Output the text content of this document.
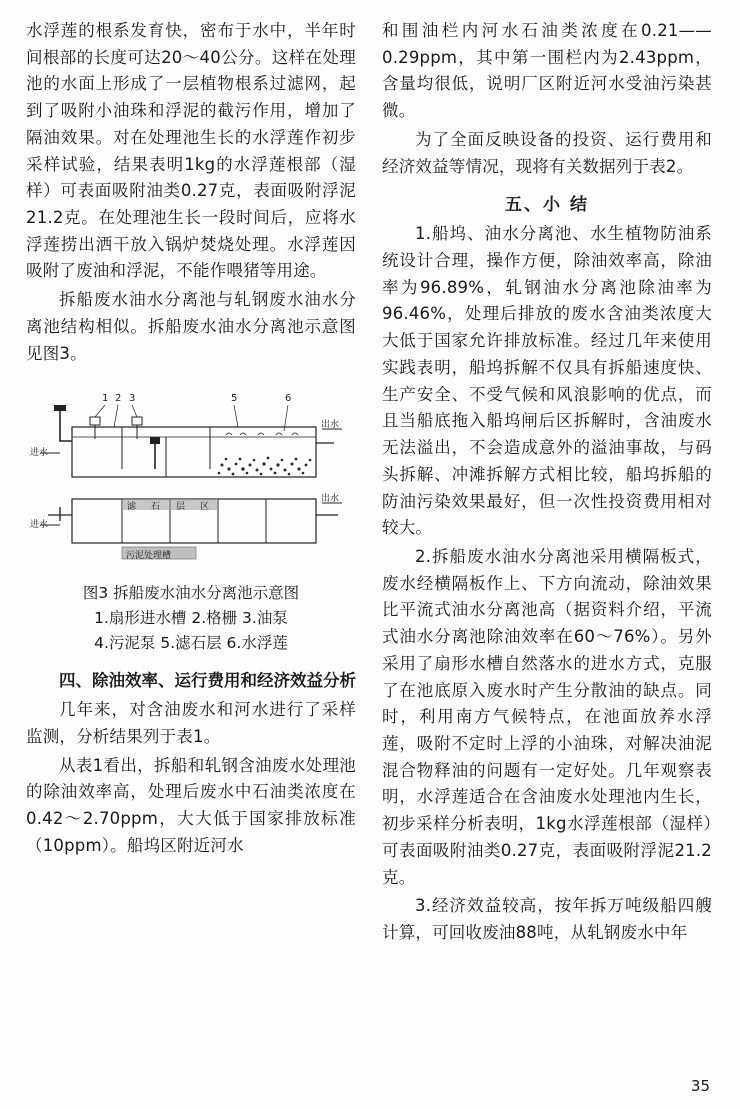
水浮莲的根系发育快，密布于水中，半年时间根部的长度可达20～40公分。这样在处理池的水面上形成了一层植物根系过滤网，起到了吸附小油珠和浮泥的截污作用，增加了隔油效果。对在处理池生长的水浮莲作初步采样试验，结果表明1kg的水浮莲根部（湿样）可表面吸附油类0.27克，表面吸附浮泥21.2克。在处理池生长一段时间后，应将水浮莲捞出洒干放入锅炉焚烧处理。水浮莲因吸附了废油和浮泥，不能作喂猪等用途。

拆船废水油水分离池与轧钢废水油水分离池结构相似。拆船废水油水分离池示意图见图3。

1 2 3	5	6
出水
进水
出水
进水
滤 石 层 区
污泥处理槽
图3 拆船废水油水分离池示意图
1.扇形进水槽 2.格栅 3.油泵
4.污泥泵 5.滤石层 6.水浮莲
四、除油效率、运行费用和经济效益分析

几年来，对含油废水和河水进行了采样监测，分析结果列于表1。

从表1看出，拆船和轧钢含油废水处理池的除油效率高，处理后废水中石油类浓度在0.42～2.70ppm，大大低于国家排放标准（10ppm）。船坞区附近河水

和围油栏内河水石油类浓度在0.21——0.29ppm，其中第一围栏内为2.43ppm，含量均很低，说明厂区附近河水受油污染甚微。

为了全面反映设备的投资、运行费用和经济效益等情况，现将有关数据列于表2。

五、小 结

1.船坞、油水分离池、水生植物防油系统设计合理，操作方便，除油效率高，除油率为96.89%，轧钢油水分离池除油率为96.46%，处理后排放的废水含油类浓度大大低于国家允许排放标准。经过几年来使用实践表明，船坞拆解不仅具有拆船速度快、生产安全、不受气候和风浪影响的优点，而且当船底拖入船坞闸后区拆解时，含油废水无法溢出，不会造成意外的溢油事故，与码头拆解、冲滩拆解方式相比较，船坞拆船的防油污染效果最好，但一次性投资费用相对较大。

2.拆船废水油水分离池采用横隔板式，废水经横隔板作上、下方向流动，除油效果比平流式油水分离池高（据资料介绍，平流式油水分离池除油效率在60～76%）。另外采用了扇形水槽自然落水的进水方式，克服了在池底原入废水时产生分散油的缺点。同时，利用南方气候特点，在池面放养水浮莲，吸附不定时上浮的小油珠，对解决油泥混合物释油的问题有一定好处。几年观察表明，水浮莲适合在含油废水处理池内生长，初步采样分析表明，1kg水浮莲根部（湿样）可表面吸附油类0.27克，表面吸附浮泥21.2克。

3.经济效益较高，按年拆万吨级船四艘计算，可回收废油88吨，从轧钢废水中年

35
